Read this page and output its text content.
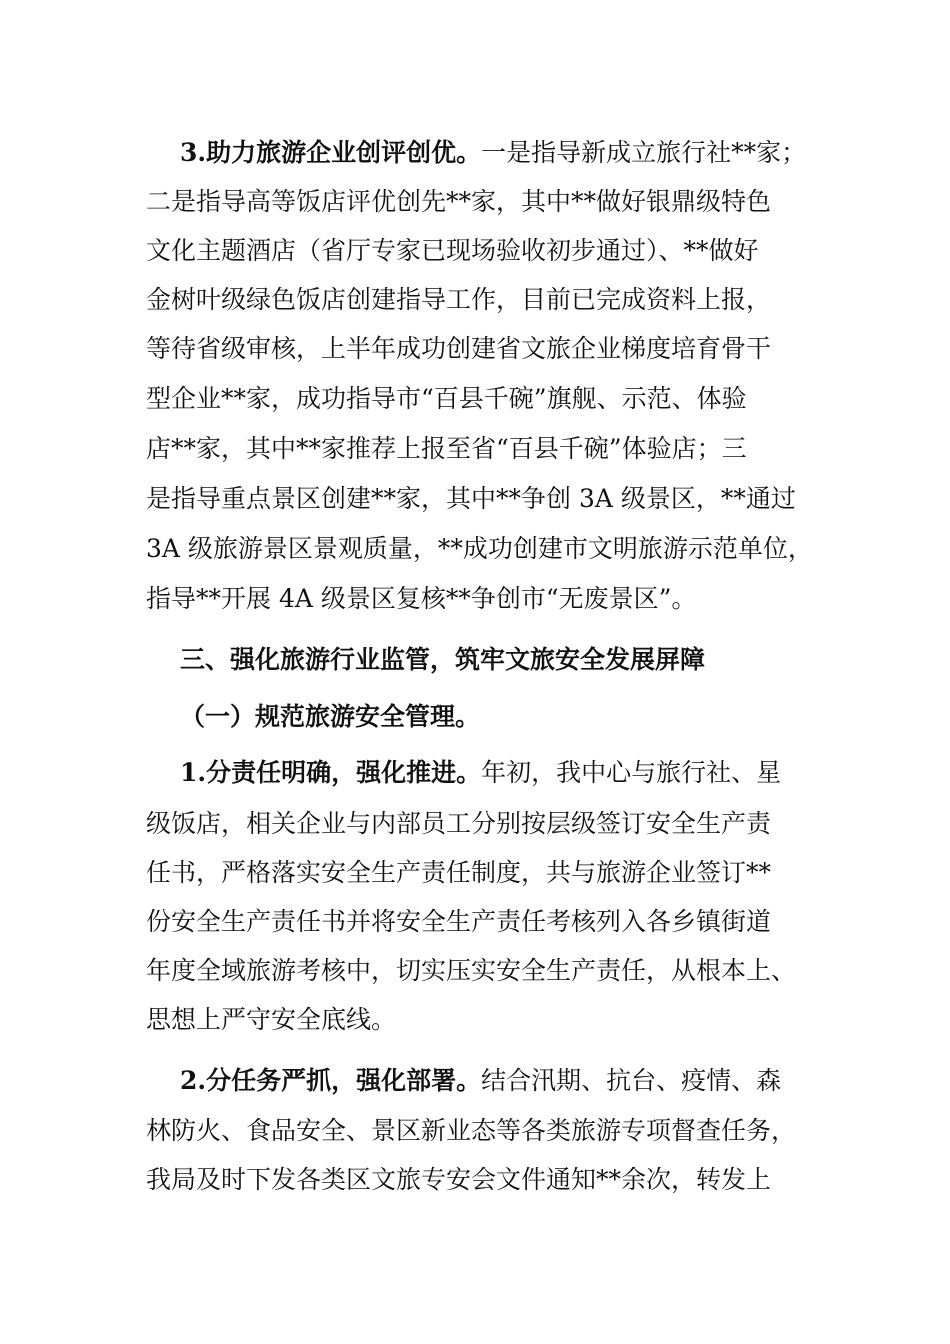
3.助力旅游企业创评创优。一是指导新成立旅行社**家；
二是指导高等饭店评优创先**家，其中**做好银鼎级特色
文化主题酒店（省厅专家已现场验收初步通过）、**做好
金树叶级绿色饭店创建指导工作，目前已完成资料上报，
等待省级审核，上半年成功创建省文旅企业梯度培育骨干
型企业**家，成功指导市“百县千碗”旗舰、示范、体验
店**家，其中**家推荐上报至省“百县千碗”体验店；三
是指导重点景区创建**家，其中**争创 3A 级景区，**通过
3A 级旅游景区景观质量，**成功创建市文明旅游示范单位，
指导**开展 4A 级景区复核**争创市“无废景区”。
三、强化旅游行业监管，筑牢文旅安全发展屏障
（一）规范旅游安全管理。
1.分责任明确，强化推进。年初，我中心与旅行社、星
级饭店，相关企业与内部员工分别按层级签订安全生产责
任书，严格落实安全生产责任制度，共与旅游企业签订**
份安全生产责任书并将安全生产责任考核列入各乡镇街道
年度全域旅游考核中，切实压实安全生产责任，从根本上、
思想上严守安全底线。
2.分任务严抓，强化部署。结合汛期、抗台、疫情、森
林防火、食品安全、景区新业态等各类旅游专项督查任务，
我局及时下发各类区文旅专安会文件通知**余次，转发上
